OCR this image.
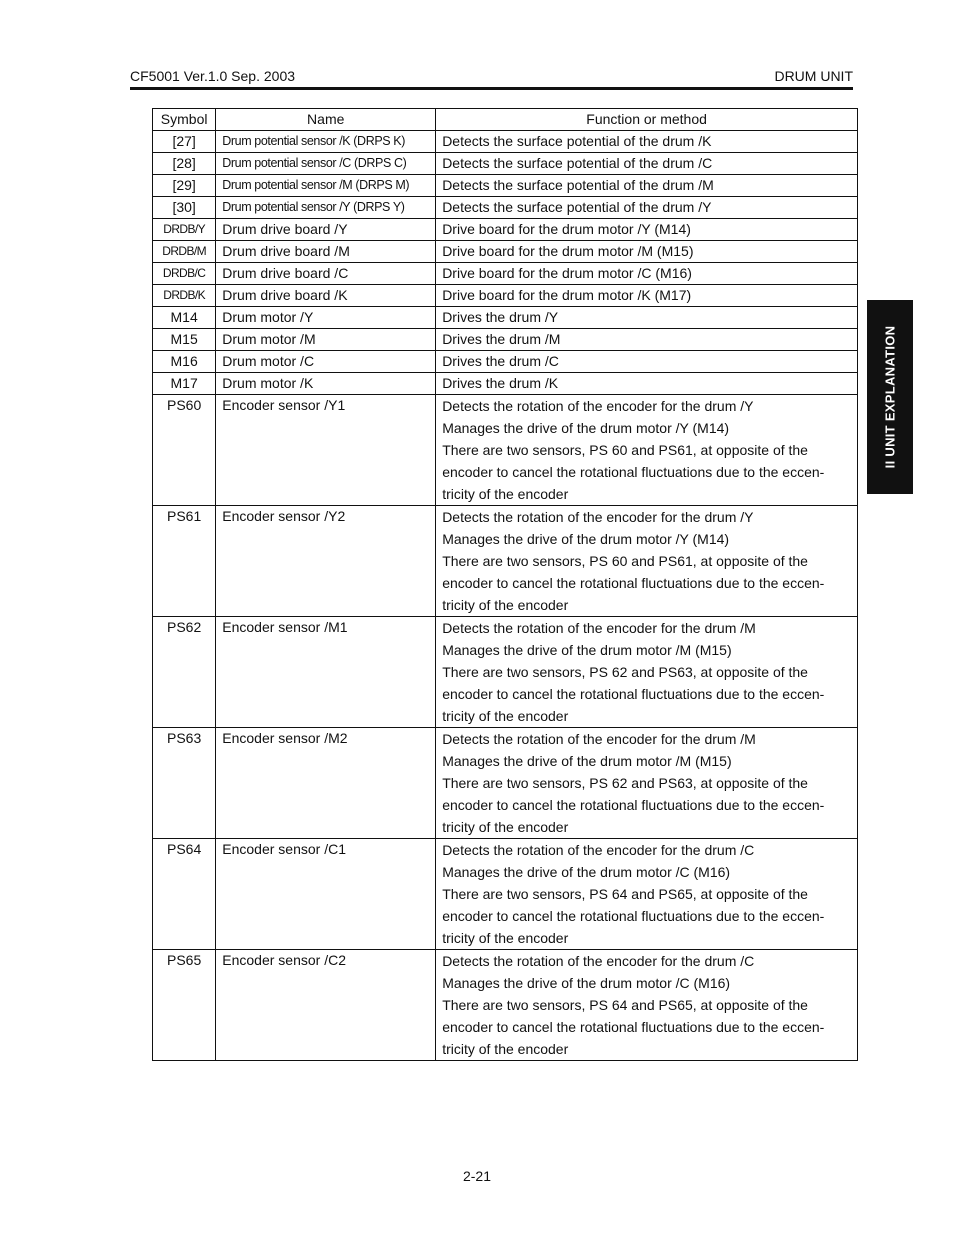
CF5001 Ver.1.0 Sep. 2003	DRUM UNIT
II UNIT EXPLANATION
Symbol	Name	Function or method
[27]	Drum potential sensor /K (DRPS K)	Detects the surface potential of the drum /K
[28]	Drum potential sensor /C (DRPS C)	Detects the surface potential of the drum /C
[29]	Drum potential sensor /M (DRPS M)	Detects the surface potential of the drum /M
[30]	Drum potential sensor /Y (DRPS Y)	Detects the surface potential of the drum /Y
DRDB/Y	Drum drive board /Y	Drive board for the drum motor /Y (M14)
DRDB/M	Drum drive board /M	Drive board for the drum motor /M (M15)
DRDB/C	Drum drive board /C	Drive board for the drum motor /C (M16)
DRDB/K	Drum drive board /K	Drive board for the drum motor /K (M17)
M14	Drum motor /Y	Drives the drum /Y
M15	Drum motor /M	Drives the drum /M
M16	Drum motor /C	Drives the drum /C
M17	Drum motor /K	Drives the drum /K
PS60	Encoder sensor /Y1	Detects the rotation of the encoder for the drum /Y
Manages the drive of the drum motor /Y (M14)
There are two sensors, PS 60 and PS61, at opposite of the
encoder to cancel the rotational fluctuations due to the eccen-
tricity of the encoder

PS61	Encoder sensor /Y2	Detects the rotation of the encoder for the drum /Y
Manages the drive of the drum motor /Y (M14)
There are two sensors, PS 60 and PS61, at opposite of the
encoder to cancel the rotational fluctuations due to the eccen-
tricity of the encoder

PS62	Encoder sensor /M1	Detects the rotation of the encoder for the drum /M
Manages the drive of the drum motor /M (M15)
There are two sensors, PS 62 and PS63, at opposite of the
encoder to cancel the rotational fluctuations due to the eccen-
tricity of the encoder

PS63	Encoder sensor /M2	Detects the rotation of the encoder for the drum /M
Manages the drive of the drum motor /M (M15)
There are two sensors, PS 62 and PS63, at opposite of the
encoder to cancel the rotational fluctuations due to the eccen-
tricity of the encoder

PS64	Encoder sensor /C1	Detects the rotation of the encoder for the drum /C
Manages the drive of the drum motor /C (M16)
There are two sensors, PS 64 and PS65, at opposite of the
encoder to cancel the rotational fluctuations due to the eccen-
tricity of the encoder

PS65	Encoder sensor /C2	Detects the rotation of the encoder for the drum /C
Manages the drive of the drum motor /C (M16)
There are two sensors, PS 64 and PS65, at opposite of the
encoder to cancel the rotational fluctuations due to the eccen-
tricity of the encoder
2-21
